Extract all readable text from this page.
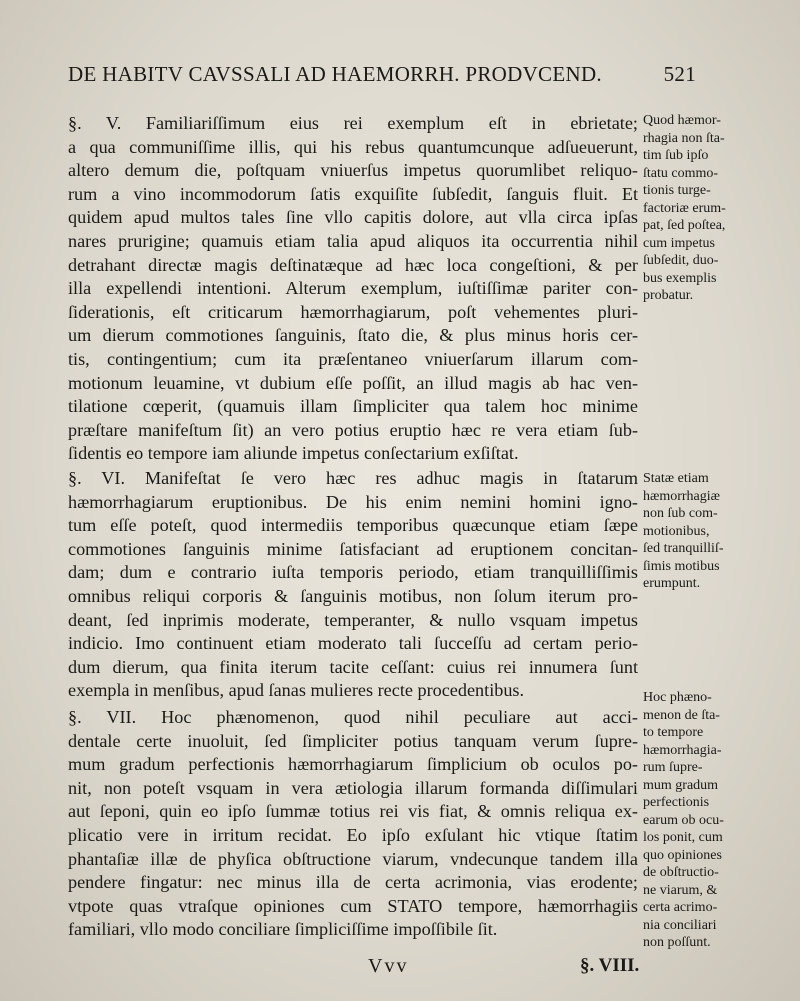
DE HABITV CAVSSALI AD HAEMORRH. PRODVCEND.	521
§. V. Familiariſſimum eius rei exemplum eſt in ebrietate;
a qua communiſſime illis, qui his rebus quantumcunque adſueuerunt,
altero demum die, poſtquam vniuerſus impetus quorumlibet reliquo-
rum a vino incommodorum ſatis exquiſite ſubſedit, ſanguis fluit. Et
quidem apud multos tales ſine vllo capitis dolore, aut vlla circa ipſas
nares prurigine; quamuis etiam talia apud aliquos ita occurrentia nihil
detrahant directæ magis deſtinatæque ad hæc loca congeſtioni, & per
illa expellendi intentioni. Alterum exemplum, iuſtiſſimæ pariter con-
ſiderationis, eſt criticarum hæmorrhagiarum, poſt vehementes pluri-
um dierum commotiones ſanguinis, ſtato die, & plus minus horis cer-
tis, contingentium; cum ita præſentaneo vniuerſarum illarum com-
motionum leuamine, vt dubium eſſe poſſit, an illud magis ab hac ven-
tilatione cœperit, (quamuis illam ſimpliciter qua talem hoc minime
præſtare manifeſtum ſit) an vero potius eruptio hæc re vera etiam ſub-
ſidentis eo tempore iam aliunde impetus conſectarium exſiſtat.
Quod hæmor-
rhagia non ſta-
tim ſub ipſo
ſtatu commo-
tionis turge-
factoriæ erum-
pat, ſed poſtea,
cum impetus
ſubſedit, duo-
bus exemplis
probatur.
§. VI. Manifeſtat ſe vero hæc res adhuc magis in ſtatarum
hæmorrhagiarum eruptionibus. De his enim nemini homini igno-
tum eſſe poteſt, quod intermediis temporibus quæcunque etiam ſæpe
commotiones ſanguinis minime ſatisfaciant ad eruptionem concitan-
dam; dum e contrario iuſta temporis periodo, etiam tranquilliſſimis
omnibus reliqui corporis & ſanguinis motibus, non ſolum iterum pro-
deant, ſed inprimis moderate, temperanter, & nullo vsquam impetus
indicio. Imo continuent etiam moderato tali ſucceſſu ad certam perio-
dum dierum, qua finita iterum tacite ceſſant: cuius rei innumera ſunt
exempla in menſibus, apud ſanas mulieres recte procedentibus.
Statæ etiam
hæmorrhagiæ
non ſub com-
motionibus,
ſed tranquilliſ-
ſimis motibus
erumpunt.
§. VII. Hoc phænomenon, quod nihil peculiare aut acci-
dentale certe inuoluit, ſed ſimpliciter potius tanquam verum ſupre-
mum gradum perfectionis hæmorrhagiarum ſimplicium ob oculos po-
nit, non poteſt vsquam in vera ætiologia illarum formanda diſſimulari
aut ſeponi, quin eo ipſo ſummæ totius rei vis fiat, & omnis reliqua ex-
plicatio vere in irritum recidat. Eo ipſo exſulant hic vtique ſtatim
phantaſiæ illæ de phyſica obſtructione viarum, vndecunque tandem illa
pendere fingatur: nec minus illa de certa acrimonia, vias erodente;
vtpote quas vtraſque opiniones cum STATO tempore, hæmorrhagiis
familiari, vllo modo conciliare ſimpliciſſime impoſſibile ſit.
Hoc phæno-
menon de ſta-
to tempore
hæmorrhagia-
rum ſupre-
mum gradum
perfectionis
earum ob ocu-
los ponit, cum
quo opiniones
de obſtructio-
ne viarum, &
certa acrimo-
nia conciliari
non poſſunt.
Vvv	§. VIII.
